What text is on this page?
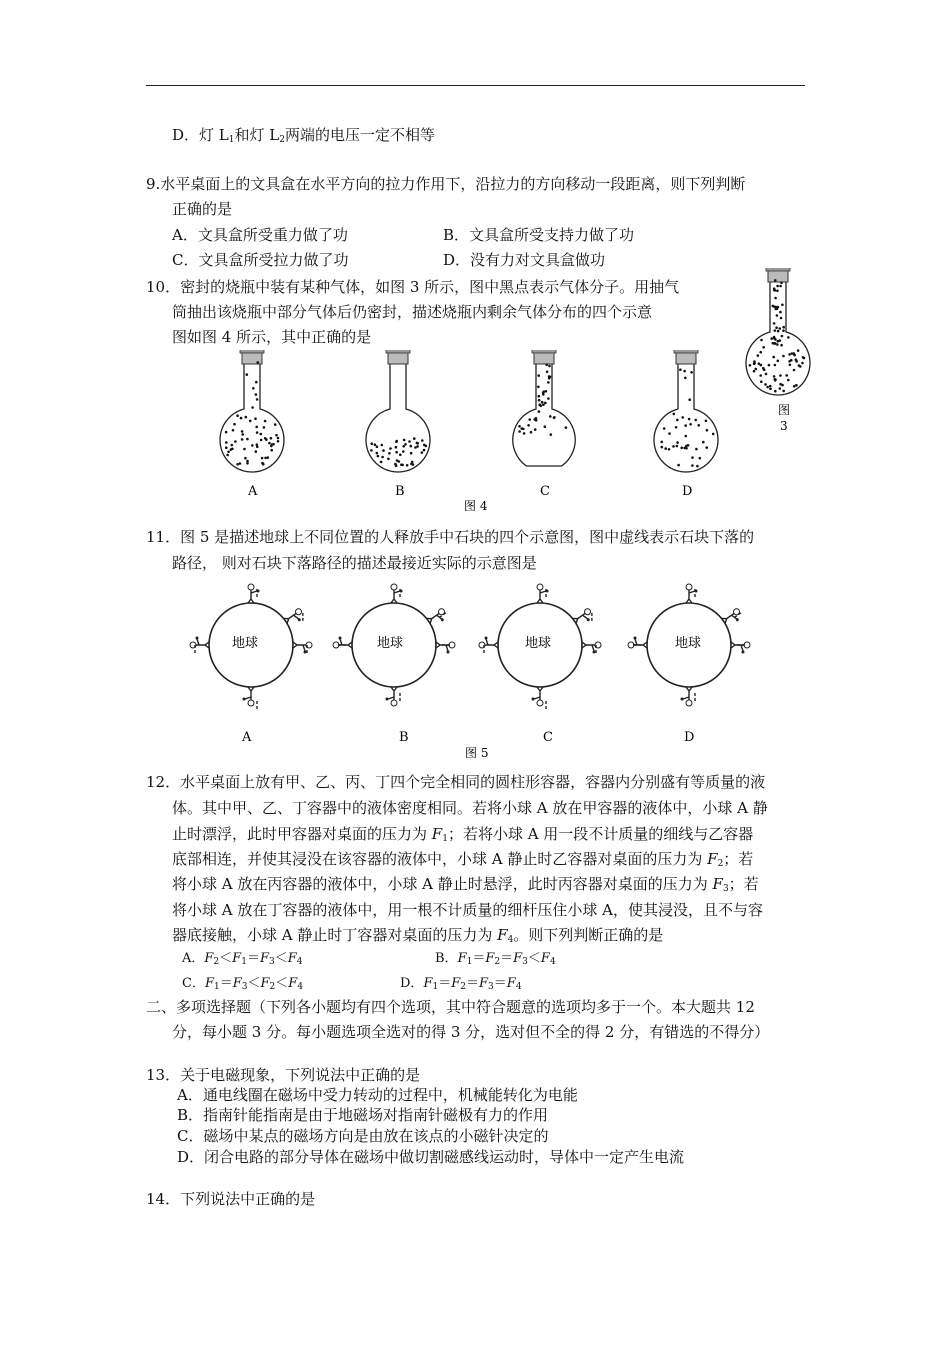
D．灯 $L_1$和灯 $L_2$两端的电压一定不相等
9.水平桌面上的文具盒在水平方向的拉力作用下，沿拉力的方向移动一段距离，则下列判断
正确的是
A．文具盒所受重力做了功	B．文具盒所受支持力做了功
C．文具盒所受拉力做了功	D．没有力对文具盒做功
10．密封的烧瓶中装有某种气体，如图 3 所示，图中黑点表示气体分子。用抽气
筒抽出该烧瓶中部分气体后仍密封，描述烧瓶内剩余气体分布的四个示意
图如图 4 所示，其中正确的是
图
3
A	B	C	D
图 4
11．图 5 是描述地球上不同位置的人释放手中石块的四个示意图，图中虚线表示石块下落的
路径， 则对石块下落路径的描述最接近实际的示意图是
地球	地球	地球	地球
A	B	C	D
图 5
12．水平桌面上放有甲、乙、丙、丁四个完全相同的圆柱形容器，容器内分别盛有等质量的液
体。其中甲、乙、丁容器中的液体密度相同。若将小球 A 放在甲容器的液体中，小球 A 静
止时漂浮，此时甲容器对桌面的压力为 $F_1$；若将小球 A 用一段不计质量的细线与乙容器
底部相连，并使其浸没在该容器的液体中，小球 A 静止时乙容器对桌面的压力为 $F_2$；若
将小球 A 放在丙容器的液体中，小球 A 静止时悬浮，此时丙容器对桌面的压力为 $F_3$；若
将小球 A 放在丁容器的液体中，用一根不计质量的细杆压住小球 A，使其浸没，且不与容
器底接触，小球 A 静止时丁容器对桌面的压力为 $F_4$。则下列判断正确的是
A．$F_2<F_1=F_3<F_4$	B．$F_1=F_2=F_3<F_4$
C．$F_1=F_3<F_2<F_4$	D．$F_1=F_2=F_3=F_4$
二、多项选择题（下列各小题均有四个选项，其中符合题意的选项均多于一个。本大题共 12
分，每小题 3 分。每小题选项全选对的得 3 分，选对但不全的得 2 分，有错选的不得分）
13．关于电磁现象，下列说法中正确的是
A．通电线圈在磁场中受力转动的过程中，机械能转化为电能
B．指南针能指南是由于地磁场对指南针磁极有力的作用
C．磁场中某点的磁场方向是由放在该点的小磁针决定的
D．闭合电路的部分导体在磁场中做切割磁感线运动时，导体中一定产生电流
14．下列说法中正确的是
